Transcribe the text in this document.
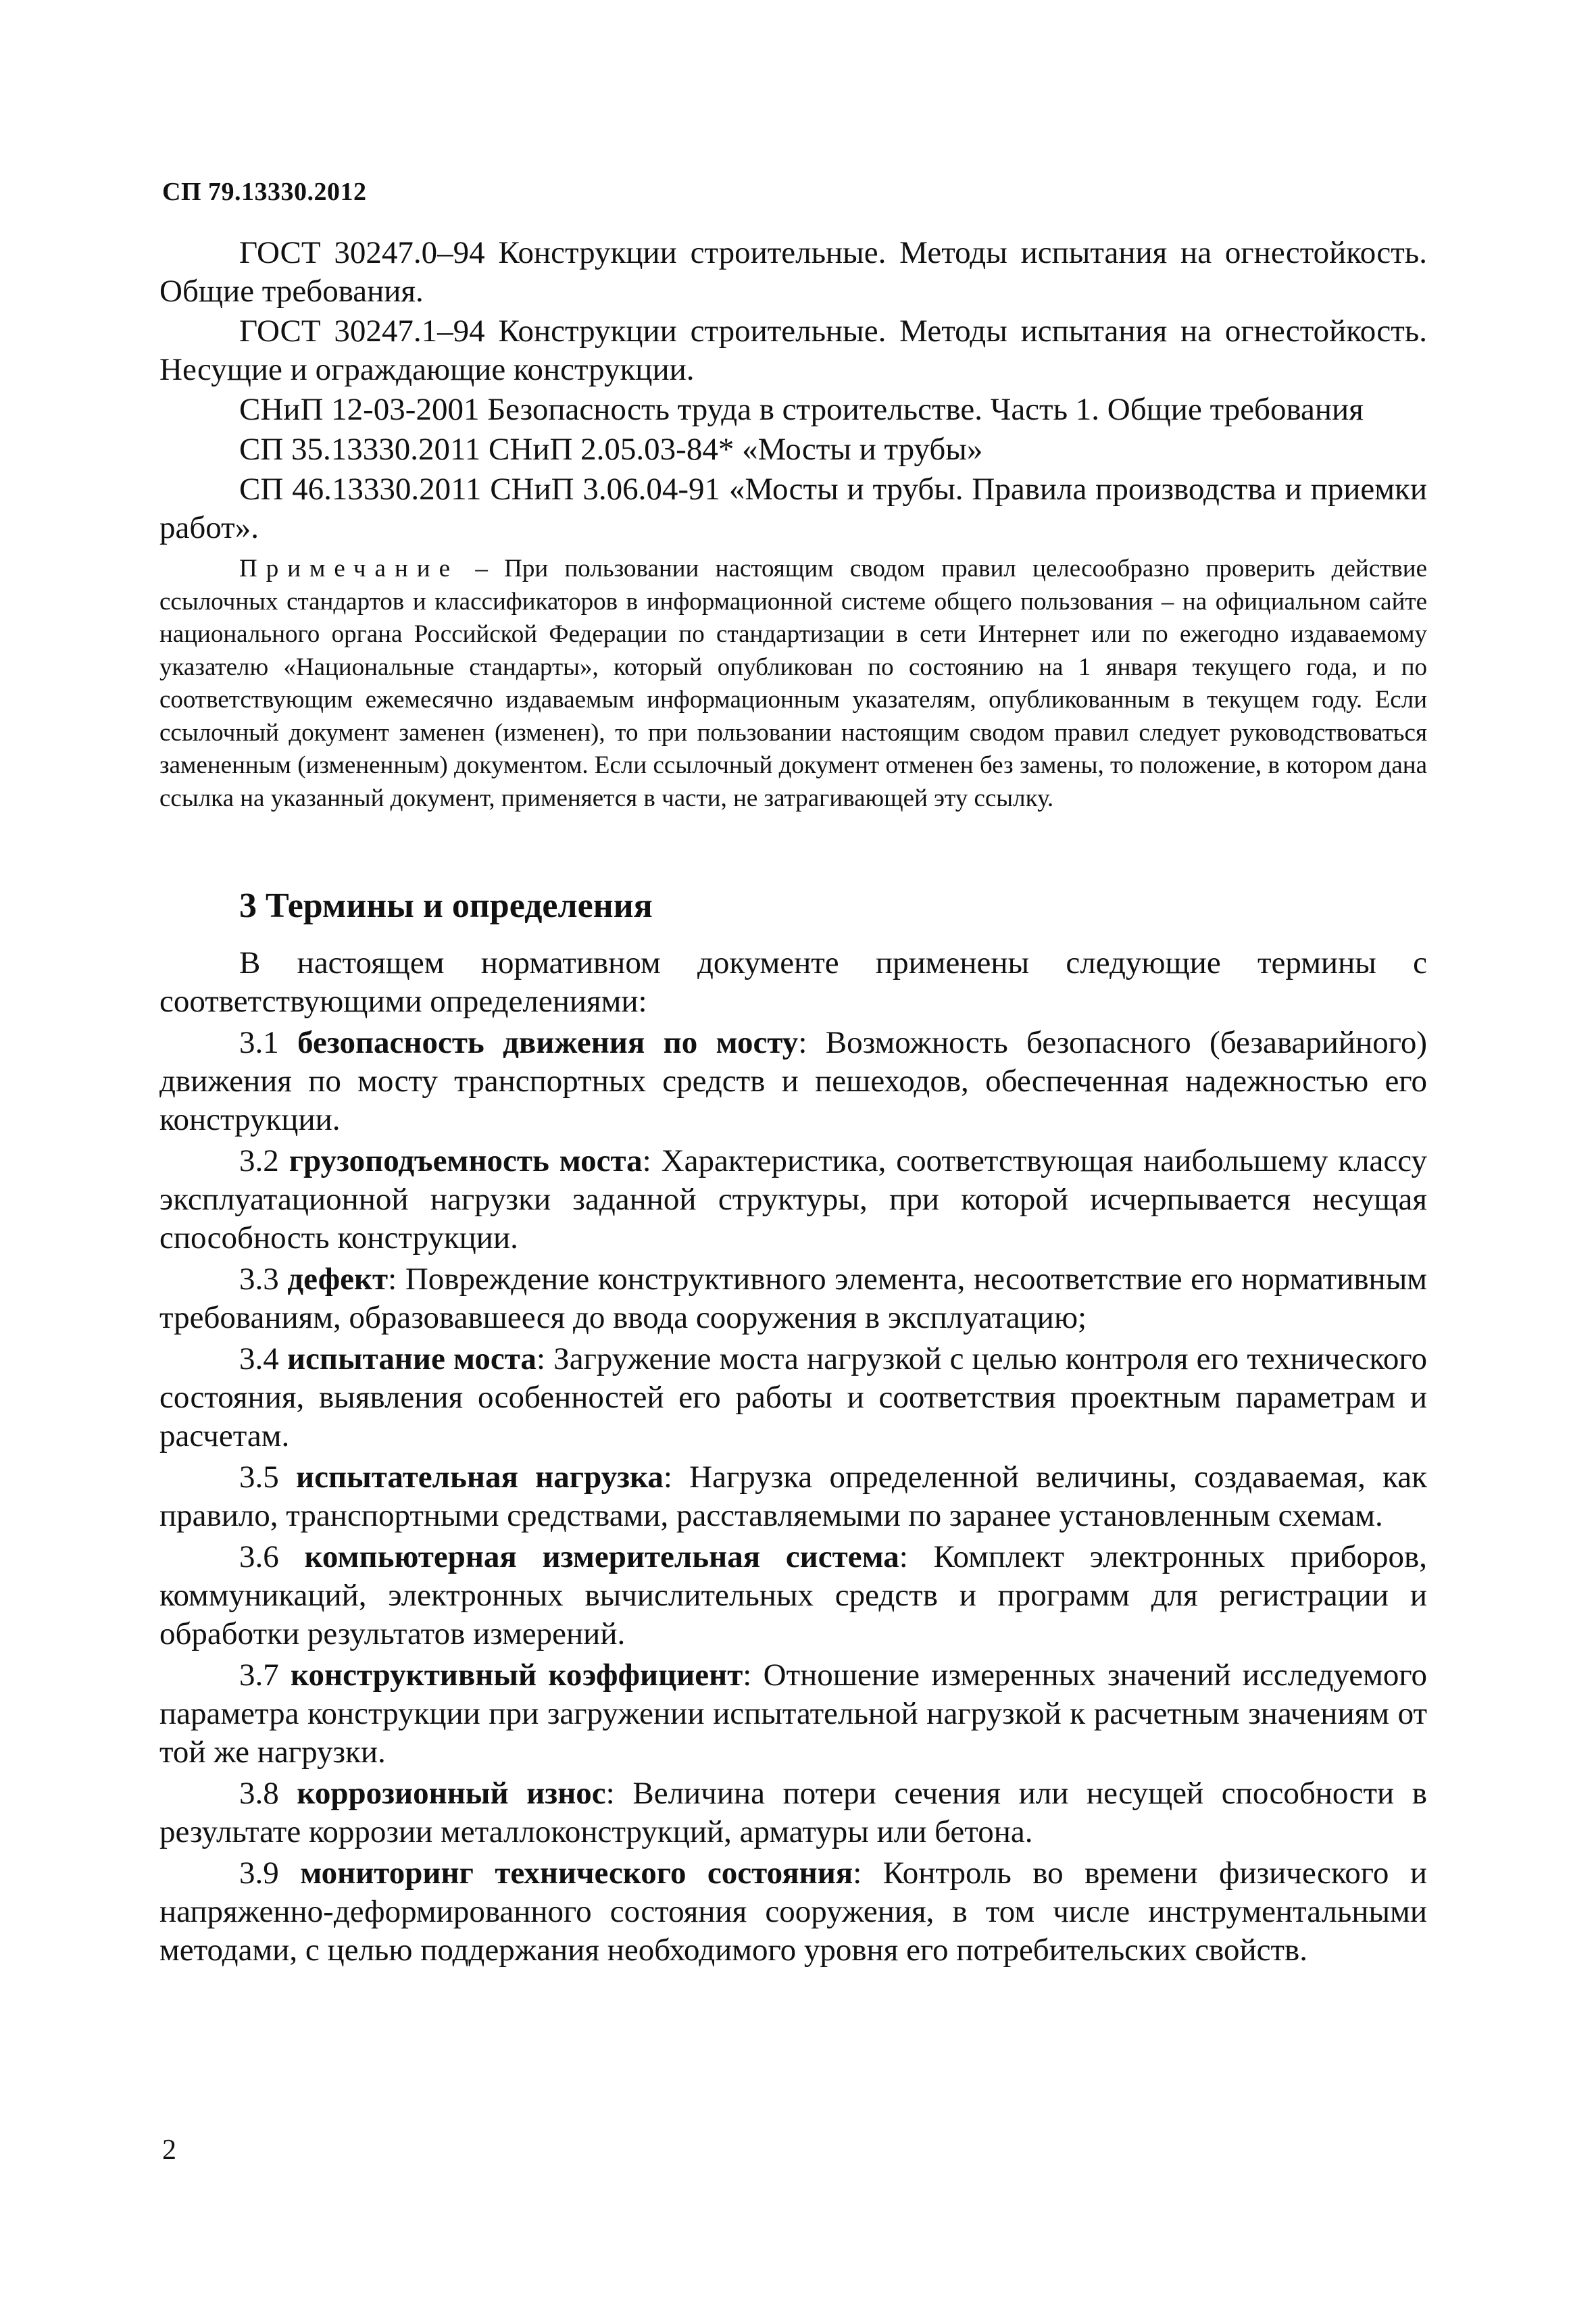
СП 79.13330.2012

ГОСТ 30247.0–94 Конструкции строительные. Методы испытания на огнестойкость. Общие требования.

ГОСТ 30247.1–94 Конструкции строительные. Методы испытания на огнестойкость. Несущие и ограждающие конструкции.

СНиП 12-03-2001 Безопасность труда в строительстве. Часть 1. Общие требования

СП 35.13330.2011 СНиП 2.05.03-84* «Мосты и трубы»

СП 46.13330.2011 СНиП 3.06.04-91 «Мосты и трубы. Правила производства и приемки работ».

Примечание – При пользовании настоящим сводом правил целесообразно проверить действие ссылочных стандартов и классификаторов в информационной системе общего пользования – на официальном сайте национального органа Российской Федерации по стандартизации в сети Интернет или по ежегодно издаваемому указателю «Национальные стандарты», который опубликован по состоянию на 1 января текущего года, и по соответствующим ежемесячно издаваемым информационным указателям, опубликованным в текущем году. Если ссылочный документ заменен (изменен), то при пользовании настоящим сводом правил следует руководствоваться замененным (измененным) документом. Если ссылочный документ отменен без замены, то положение, в котором дана ссылка на указанный документ, применяется в части, не затрагивающей эту ссылку.

3 Термины и определения

В настоящем нормативном документе применены следующие термины с соответствующими определениями:

3.1 безопасность движения по мосту: Возможность безопасного (безаварийного) движения по мосту транспортных средств и пешеходов, обеспеченная надежностью его конструкции.

3.2 грузоподъемность моста: Характеристика, соответствующая наибольшему классу эксплуатационной нагрузки заданной структуры, при которой исчерпывается несущая способность конструкции.

3.3 дефект: Повреждение конструктивного элемента, несоответствие его нормативным требованиям, образовавшееся до ввода сооружения в эксплуатацию;

3.4 испытание моста: Загружение моста нагрузкой с целью контроля его технического состояния, выявления особенностей его работы и соответствия проектным параметрам и расчетам.

3.5 испытательная нагрузка: Нагрузка определенной величины, создаваемая, как правило, транспортными средствами, расставляемыми по заранее установленным схемам.

3.6 компьютерная измерительная система: Комплект электронных приборов, коммуникаций, электронных вычислительных средств и программ для регистрации и обработки результатов измерений.

3.7 конструктивный коэффициент: Отношение измеренных значений исследуемого параметра конструкции при загружении испытательной нагрузкой к расчетным значениям от той же нагрузки.

3.8 коррозионный износ: Величина потери сечения или несущей способности в результате коррозии металлоконструкций, арматуры или бетона.

3.9 мониторинг технического состояния: Контроль во времени физического и напряженно-деформированного состояния сооружения, в том числе инструментальными методами, с целью поддержания необходимого уровня его потребительских свойств.

2
